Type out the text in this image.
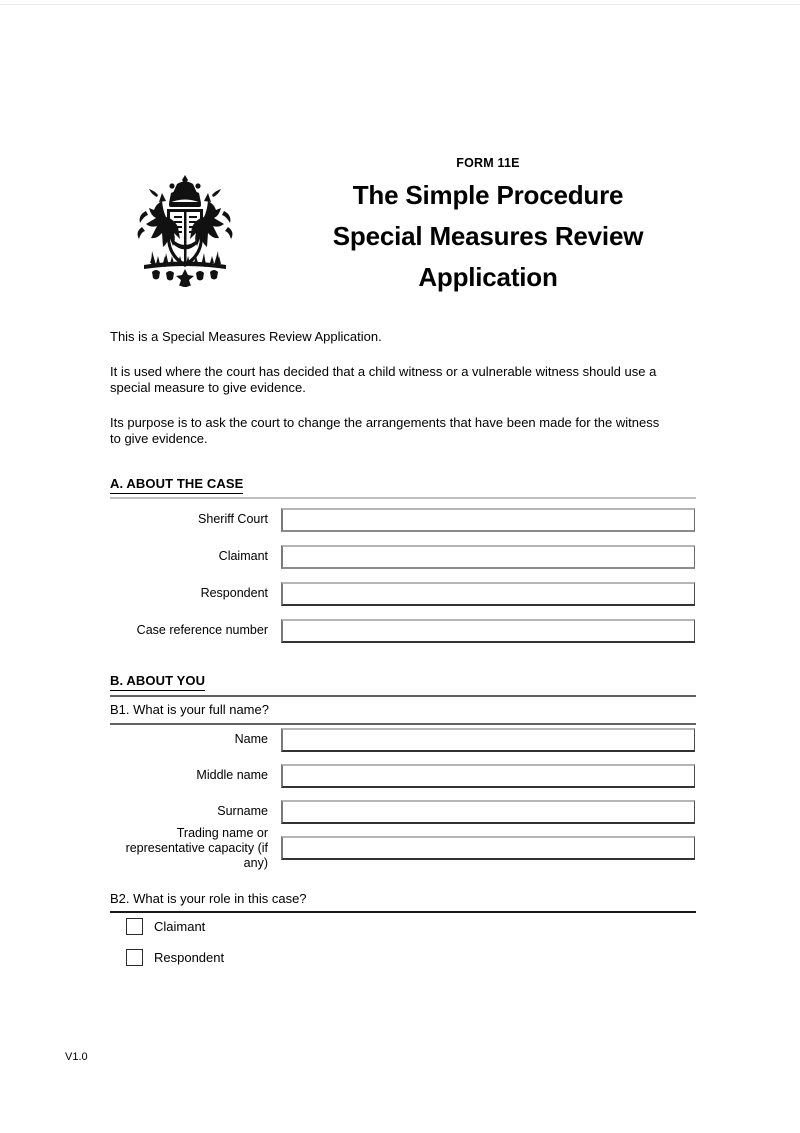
FORM 11E
The Simple Procedure
Special Measures Review
Application

This is a Special Measures Review Application.

It is used where the court has decided that a child witness or a vulnerable witness should use a special measure to give evidence.

Its purpose is to ask the court to change the arrangements that have been made for the witness to give evidence.

A. ABOUT THE CASE
Sheriff Court
Claimant
Respondent
Case reference number
B. ABOUT YOU
B1. What is your full name?
Name
Middle name
Surname
Trading name or representative capacity (if any)
B2. What is your role in this case?
Claimant
Respondent
V1.0
